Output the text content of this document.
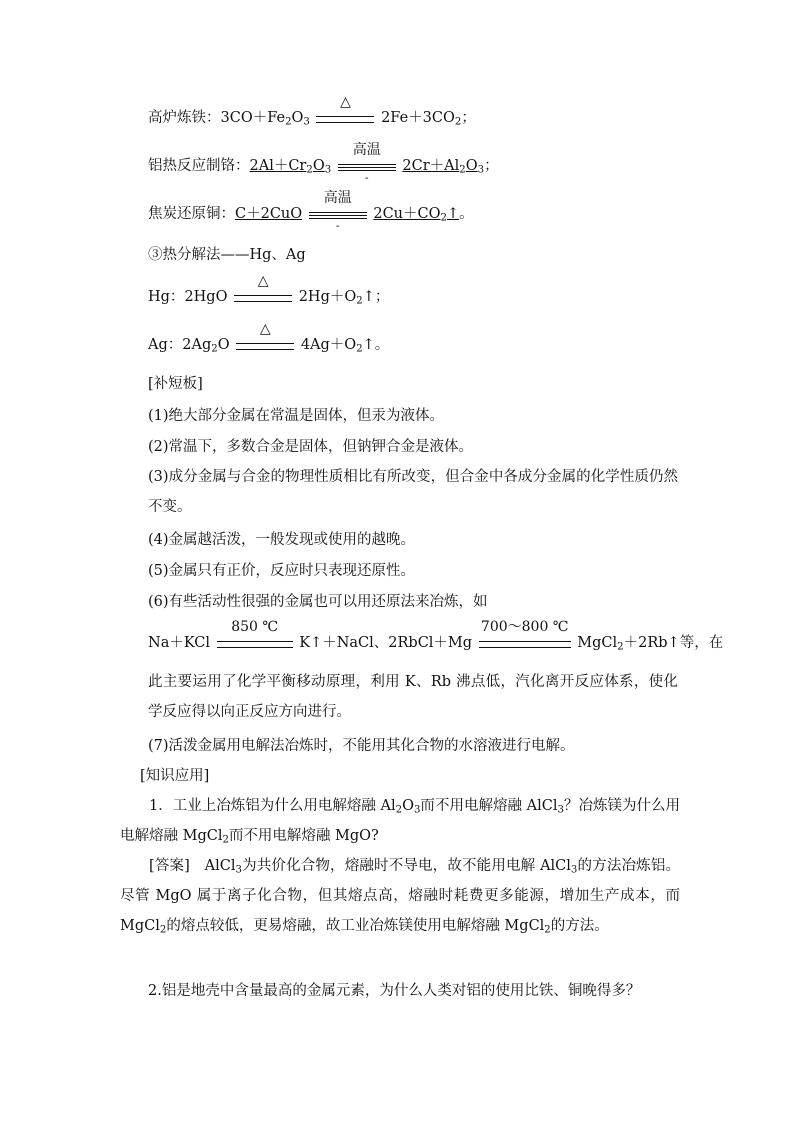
高炉炼铁：$3CO+Fe_2O_3$
△
$2Fe+3CO_2$；
铝热反应制铬：$2Al+Cr_2O_3$
高温
-
$2Cr+Al_2O_3$；
焦炭还原铜：C＋2CuO
高温
-
$2Cu+CO_2↑$。
③热分解法——Hg、Ag
Hg：2HgO
△
$2Hg+O_2↑$；
Ag：$2Ag_2O$
△
$4Ag+O_2↑$。
[补短板]
(1)绝大部分金属在常温是固体，但汞为液体。
(2)常温下，多数合金是固体，但钠钾合金是液体。
(3)成分金属与合金的物理性质相比有所改变，但合金中各成分金属的化学性质仍然不变。
(4)金属越活泼，一般发现或使用的越晚。
(5)金属只有正价，反应时只表现还原性。
(6)有些活动性很强的金属也可以用还原法来冶炼，如
Na＋KCl
850 ℃
K↑＋NaCl、2RbCl＋Mg
700～800 ℃
MgCl$_2$＋2Rb↑等，在
此主要运用了化学平衡移动原理，利用 K、Rb 沸点低，汽化离开反应体系，使化学反应得以向正反应方向进行。
(7)活泼金属用电解法冶炼时，不能用其化合物的水溶液进行电解。
[知识应用]
1．工业上冶炼铝为什么用电解熔融 $Al_2O_3$而不用电解熔融 AlCl$_3$？冶炼镁为什么用电解熔融 MgCl$_2$而不用电解熔融 MgO?
[答案]　AlCl$_3$为共价化合物，熔融时不导电，故不能用电解 AlCl$_3$的方法冶炼铝。尽管 MgO 属于离子化合物，但其熔点高，熔融时耗费更多能源，增加生产成本，而 MgCl$_2$的熔点较低，更易熔融，故工业冶炼镁使用电解熔融 MgCl$_2$的方法。
2.铝是地壳中含量最高的金属元素，为什么人类对铝的使用比铁、铜晚得多？
